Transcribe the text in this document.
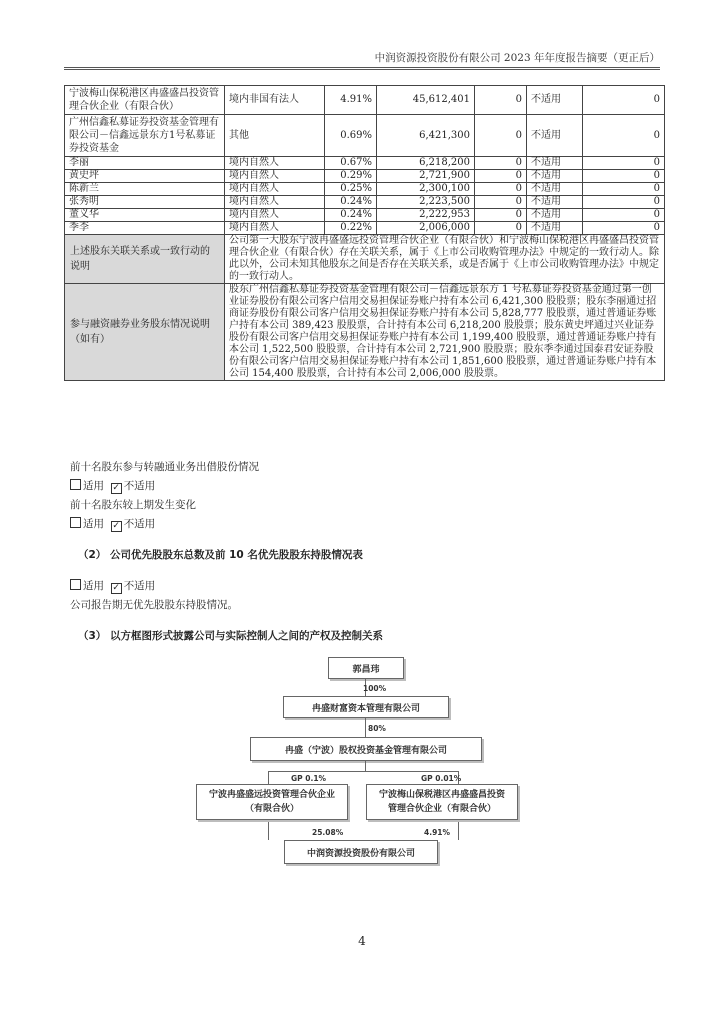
中润资源投资股份有限公司 2023 年年度报告摘要（更正后）
宁波梅山保税港区冉盛盛昌投资管理合伙企业（有限合伙）	境内非国有法人	4.91%	45,612,401	0	不适用	0
广州信鑫私募证券投资基金管理有限公司－信鑫远景东方1号私募证券投资基金	其他	0.69%	6,421,300	0	不适用	0
李丽	境内自然人	0.67%	6,218,200	0	不适用	0
黄史坪	境内自然人	0.29%	2,721,900	0	不适用	0
陈新兰	境内自然人	0.25%	2,300,100	0	不适用	0
张秀明	境内自然人	0.24%	2,223,500	0	不适用	0
董义华	境内自然人	0.24%	2,222,953	0	不适用	0
季李	境内自然人	0.22%	2,006,000	0	不适用	0
上述股东关联关系或一致行动的说明	公司第一大股东宁波冉盛盛远投资管理合伙企业（有限合伙）和宁波梅山保税港区冉盛盛昌投资管理合伙企业（有限合伙）存在关联关系，属于《上市公司收购管理办法》中规定的一致行动人。除此以外，公司未知其他股东之间是否存在关联关系，或是否属于《上市公司收购管理办法》中规定的一致行动人。					
参与融资融券业务股东情况说明（如有）	股东广州信鑫私募证券投资基金管理有限公司－信鑫远景东方 1 号私募证券投资基金通过第一创业证券股份有限公司客户信用交易担保证券账户持有本公司 6,421,300 股股票；股东李丽通过招商证券股份有限公司客户信用交易担保证券账户持有本公司 5,828,777 股股票，通过普通证券账户持有本公司 389,423 股股票，合计持有本公司 6,218,200 股股票；股东黄史坪通过兴业证券股份有限公司客户信用交易担保证券账户持有本公司 1,199,400 股股票，通过普通证券账户持有本公司 1,522,500 股股票，合计持有本公司 2,721,900 股股票；股东季李通过国泰君安证券股份有限公司客户信用交易担保证券账户持有本公司 1,851,600 股股票，通过普通证券账户持有本公司 154,400 股股票，合计持有本公司 2,006,000 股股票。					
前十名股东参与转融通业务出借股份情况
适用 ✓ 不适用
前十名股东较上期发生变化
适用 ✓ 不适用
（2） 公司优先股股东总数及前 10 名优先股股东持股情况表
适用 ✓ 不适用
公司报告期无优先股股东持股情况。
（3） 以方框图形式披露公司与实际控制人之间的产权及控制关系
郭昌玮
100%
冉盛财富资本管理有限公司
80%
冉盛（宁波）股权投资基金管理有限公司
GP 0.1%	GP 0.01%
宁波冉盛盛远投资管理合伙企业（有限合伙）
宁波梅山保税港区冉盛盛昌投资管理合伙企业（有限合伙）
25.08%	4.91%
中润资源投资股份有限公司
4
